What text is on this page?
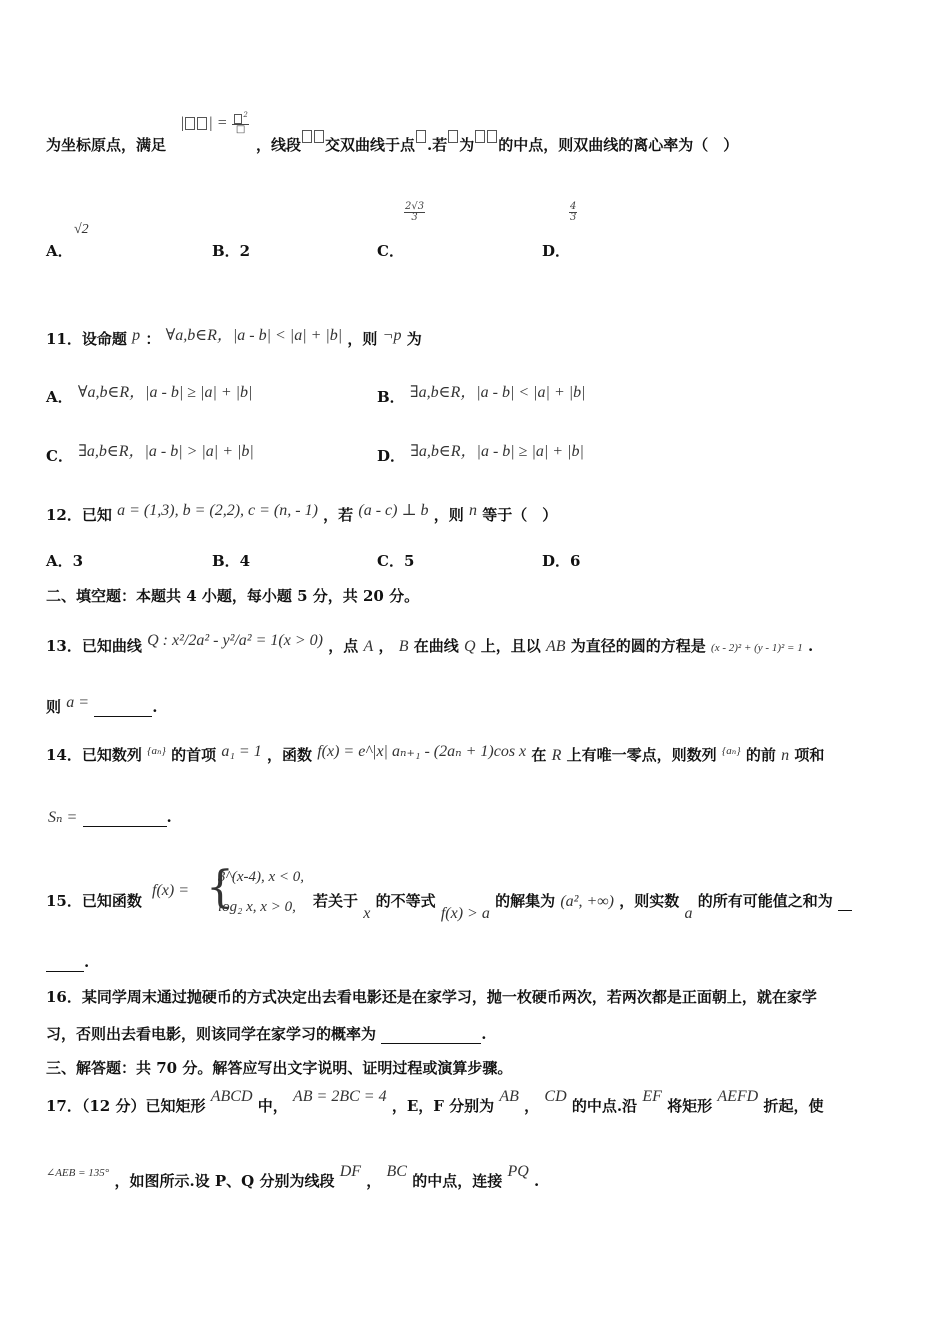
为坐标原点，满足
| | = $\frac{^2}{□}$
，线段 交双曲线于点 .若 为 的中点，则双曲线的离心率为（　）
A．
√2
B．2	C．
$\frac{2√3}{3}$
D．
$\frac{4}{3}$
11．设命题 p ： ∀a,b∈R，|a - b| < |a| + |b| ，则 ¬p 为
A． ∀a,b∈R，|a - b| ≥ |a| + |b|	B． ∃a,b∈R，|a - b| < |a| + |b|
C． ∃a,b∈R，|a - b| > |a| + |b|	D． ∃a,b∈R，|a - b| ≥ |a| + |b|
12．已知 a = (1,3), b = (2,2), c = (n, - 1) ，若 (a - c) ⊥ b ，则 n 等于（　）
A．3	B．4	C．5	D．6
二、填空题：本题共 4 小题，每小题 5 分，共 20 分。
13．已知曲线 Q : x²/2a² - y²/a² = 1(x > 0) ，点 A ， B 在曲线 Q 上，且以 AB 为直径的圆的方程是 (x - 2)² + (y - 1)² = 1 .
则 a =	.
14．已知数列 $^{\{a_n\}}$ 的首项 a₁ = 1 ，函数 f(x) = e^|x| aₙ₊₁ - (2aₙ + 1)cos x 在 R 上有唯一零点，则数列 $^{\{a_n\}}$ 的前 n 项和
Sₙ =	.
15．已知函数
f(x) = {
3^(x-4), x < 0,
log₂ x, x > 0, 若关于 x 的不等式 f(x) > a 的解集为 (a², +∞) ，则实数 a 的所有可能值之和为
.
16．某同学周末通过抛硬币的方式决定出去看电影还是在家学习，抛一枚硬币两次，若两次都是正面朝上，就在家学
习，否则出去看电影，则该同学在家学习的概率为	.
三、解答题：共 70 分。解答应写出文字说明、证明过程或演算步骤。
17．（12 分）已知矩形 ABCD 中， AB = 2BC = 4 ，E，F 分别为 AB ， CD 的中点.沿 EF 将矩形 AEFD 折起，使
$^{\angle AEB = 135^\circ}$ ，如图所示.设 P、Q 分别为线段 DF ， BC 的中点，连接 PQ .
